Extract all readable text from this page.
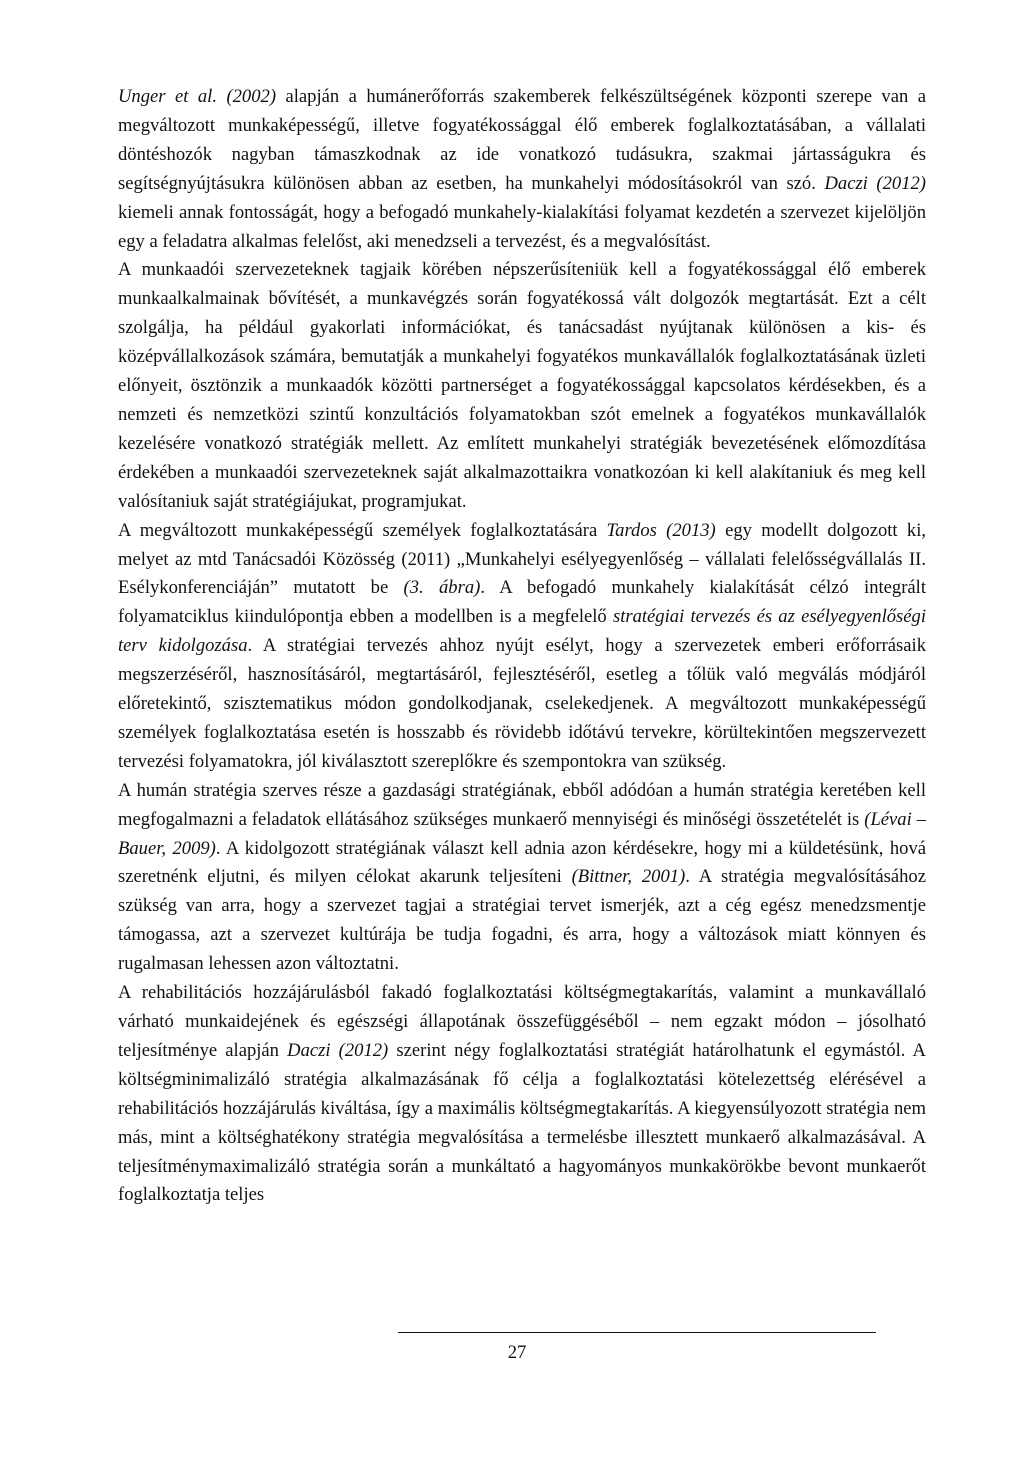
Unger et al. (2002) alapján a humánerőforrás szakemberek felkészültségének központi szerepe van a megváltozott munkaképességű, illetve fogyatékossággal élő emberek foglalkoztatásában, a vállalati döntéshozók nagyban támaszkodnak az ide vonatkozó tudásukra, szakmai jártasságukra és segítségnyújtásukra különösen abban az esetben, ha munkahelyi módosításokról van szó. Daczi (2012) kiemeli annak fontosságát, hogy a befogadó munkahely-kialakítási folyamat kezdetén a szervezet kijelöljön egy a feladatra alkalmas felelőst, aki menedzseli a tervezést, és a megvalósítást.

A munkaadói szervezeteknek tagjaik körében népszerűsíteniük kell a fogyatékossággal élő emberek munkaalkalmainak bővítését, a munkavégzés során fogyatékossá vált dolgozók megtartását. Ezt a célt szolgálja, ha például gyakorlati információkat, és tanácsadást nyújtanak különösen a kis- és középvállalkozások számára, bemutatják a munkahelyi fogyatékos munkavállalók foglalkoztatásának üzleti előnyeit, ösztönzik a munkaadók közötti partnerséget a fogyatékossággal kapcsolatos kérdésekben, és a nemzeti és nemzetközi szintű konzultációs folyamatokban szót emelnek a fogyatékos munkavállalók kezelésére vonatkozó stratégiák mellett. Az említett munkahelyi stratégiák bevezetésének előmozdítása érdekében a munkaadói szervezeteknek saját alkalmazottaikra vonatkozóan ki kell alakítaniuk és meg kell valósítaniuk saját stratégiájukat, programjukat.

A megváltozott munkaképességű személyek foglalkoztatására Tardos (2013) egy modellt dolgozott ki, melyet az mtd Tanácsadói Közösség (2011) „Munkahelyi esélyegyenlőség – vállalati felelősségvállalás II. Esélykonferenciáján” mutatott be (3. ábra). A befogadó munkahely kialakítását célzó integrált folyamatciklus kiindulópontja ebben a modellben is a megfelelő stratégiai tervezés és az esélyegyenlőségi terv kidolgozása. A stratégiai tervezés ahhoz nyújt esélyt, hogy a szervezetek emberi erőforrásaik megszerzéséről, hasznosításáról, megtartásáról, fejlesztéséről, esetleg a tőlük való megválás módjáról előretekintő, szisztematikus módon gondolkodjanak, cselekedjenek. A megváltozott munkaképességű személyek foglalkoztatása esetén is hosszabb és rövidebb időtávú tervekre, körültekintően megszervezett tervezési folyamatokra, jól kiválasztott szereplőkre és szempontokra van szükség.

A humán stratégia szerves része a gazdasági stratégiának, ebből adódóan a humán stratégia keretében kell megfogalmazni a feladatok ellátásához szükséges munkaerő mennyiségi és minőségi összetételét is (Lévai – Bauer, 2009). A kidolgozott stratégiának választ kell adnia azon kérdésekre, hogy mi a küldetésünk, hová szeretnénk eljutni, és milyen célokat akarunk teljesíteni (Bittner, 2001). A stratégia megvalósításához szükség van arra, hogy a szervezet tagjai a stratégiai tervet ismerjék, azt a cég egész menedzsmentje támogassa, azt a szervezet kultúrája be tudja fogadni, és arra, hogy a változások miatt könnyen és rugalmasan lehessen azon változtatni.

A rehabilitációs hozzájárulásból fakadó foglalkoztatási költségmegtakarítás, valamint a munkavállaló várható munkaidejének és egészségi állapotának összefüggéséből – nem egzakt módon – jósolható teljesítménye alapján Daczi (2012) szerint négy foglalkoztatási stratégiát határolhatunk el egymástól. A költségminimalizáló stratégia alkalmazásának fő célja a foglalkoztatási kötelezettség elérésével a rehabilitációs hozzájárulás kiváltása, így a maximális költségmegtakarítás. A kiegyensúlyozott stratégia nem más, mint a költséghatékony stratégia megvalósítása a termelésbe illesztett munkaerő alkalmazásával. A teljesítménymaximalizáló stratégia során a munkáltató a hagyományos munkakörökbe bevont munkaerőt foglalkoztatja teljes

27
